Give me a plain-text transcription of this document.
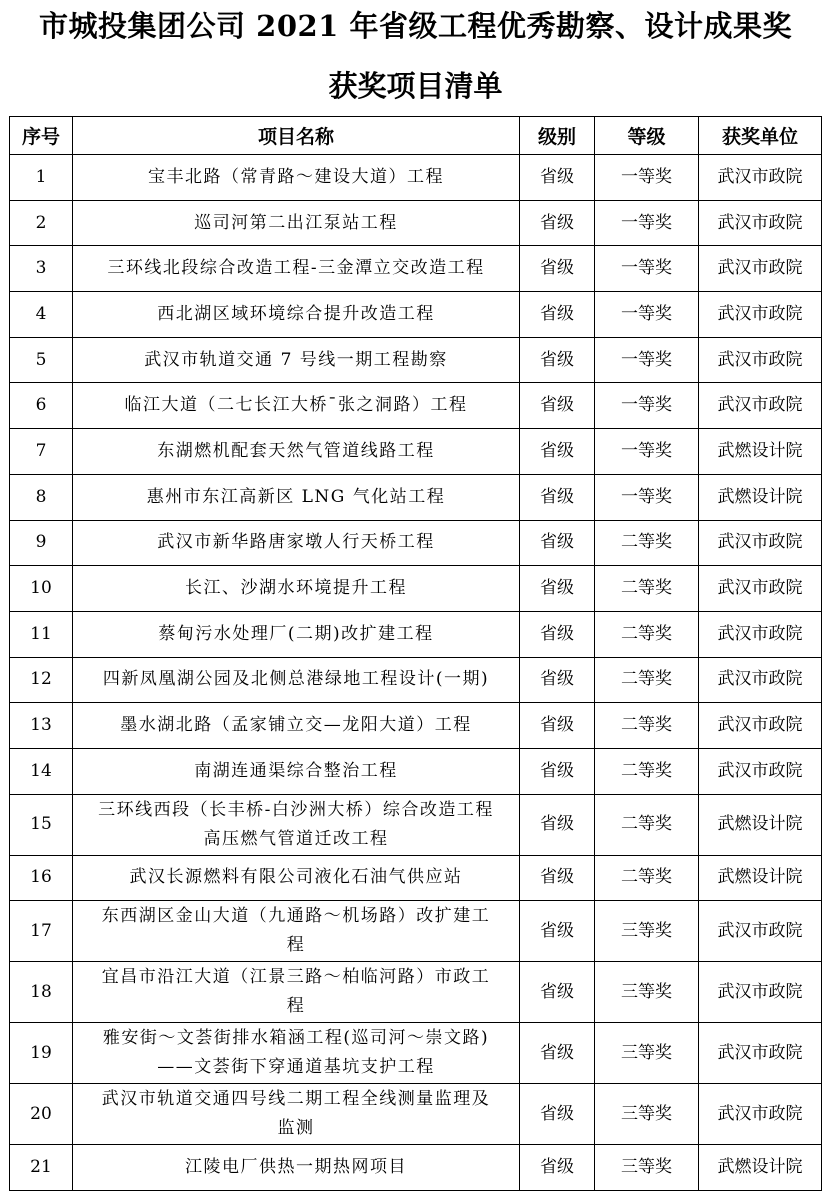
市城投集团公司 2021 年省级工程优秀勘察、设计成果奖
获奖项目清单
序号	项目名称	级别	等级	获奖单位
1	宝丰北路（常青路～建设大道）工程	省级	一等奖	武汉市政院
2	巡司河第二出江泵站工程	省级	一等奖	武汉市政院
3	三环线北段综合改造工程-三金潭立交改造工程	省级	一等奖	武汉市政院
4	西北湖区域环境综合提升改造工程	省级	一等奖	武汉市政院
5	武汉市轨道交通 7 号线一期工程勘察	省级	一等奖	武汉市政院
6	临江大道（二七长江大桥¯张之洞路）工程	省级	一等奖	武汉市政院
7	东湖燃机配套天然气管道线路工程	省级	一等奖	武燃设计院
8	惠州市东江高新区 LNG 气化站工程	省级	一等奖	武燃设计院
9	武汉市新华路唐家墩人行天桥工程	省级	二等奖	武汉市政院
10	长江、沙湖水环境提升工程	省级	二等奖	武汉市政院
11	蔡甸污水处理厂(二期)改扩建工程	省级	二等奖	武汉市政院
12	四新凤凰湖公园及北侧总港绿地工程设计(一期)	省级	二等奖	武汉市政院
13	墨水湖北路（孟家铺立交—龙阳大道）工程	省级	二等奖	武汉市政院
14	南湖连通渠综合整治工程	省级	二等奖	武汉市政院
15	三环线西段（长丰桥-白沙洲大桥）综合改造工程
高压燃气管道迁改工程	省级	二等奖	武燃设计院
16	武汉长源燃料有限公司液化石油气供应站	省级	二等奖	武燃设计院
17	东西湖区金山大道（九通路～机场路）改扩建工
程	省级	三等奖	武汉市政院
18	宜昌市沿江大道（江景三路～柏临河路）市政工
程	省级	三等奖	武汉市政院
19	雅安街～文荟街排水箱涵工程(巡司河～崇文路)
——文荟街下穿通道基坑支护工程	省级	三等奖	武汉市政院
20	武汉市轨道交通四号线二期工程全线测量监理及
监测	省级	三等奖	武汉市政院
21	江陵电厂供热一期热网项目	省级	三等奖	武燃设计院
